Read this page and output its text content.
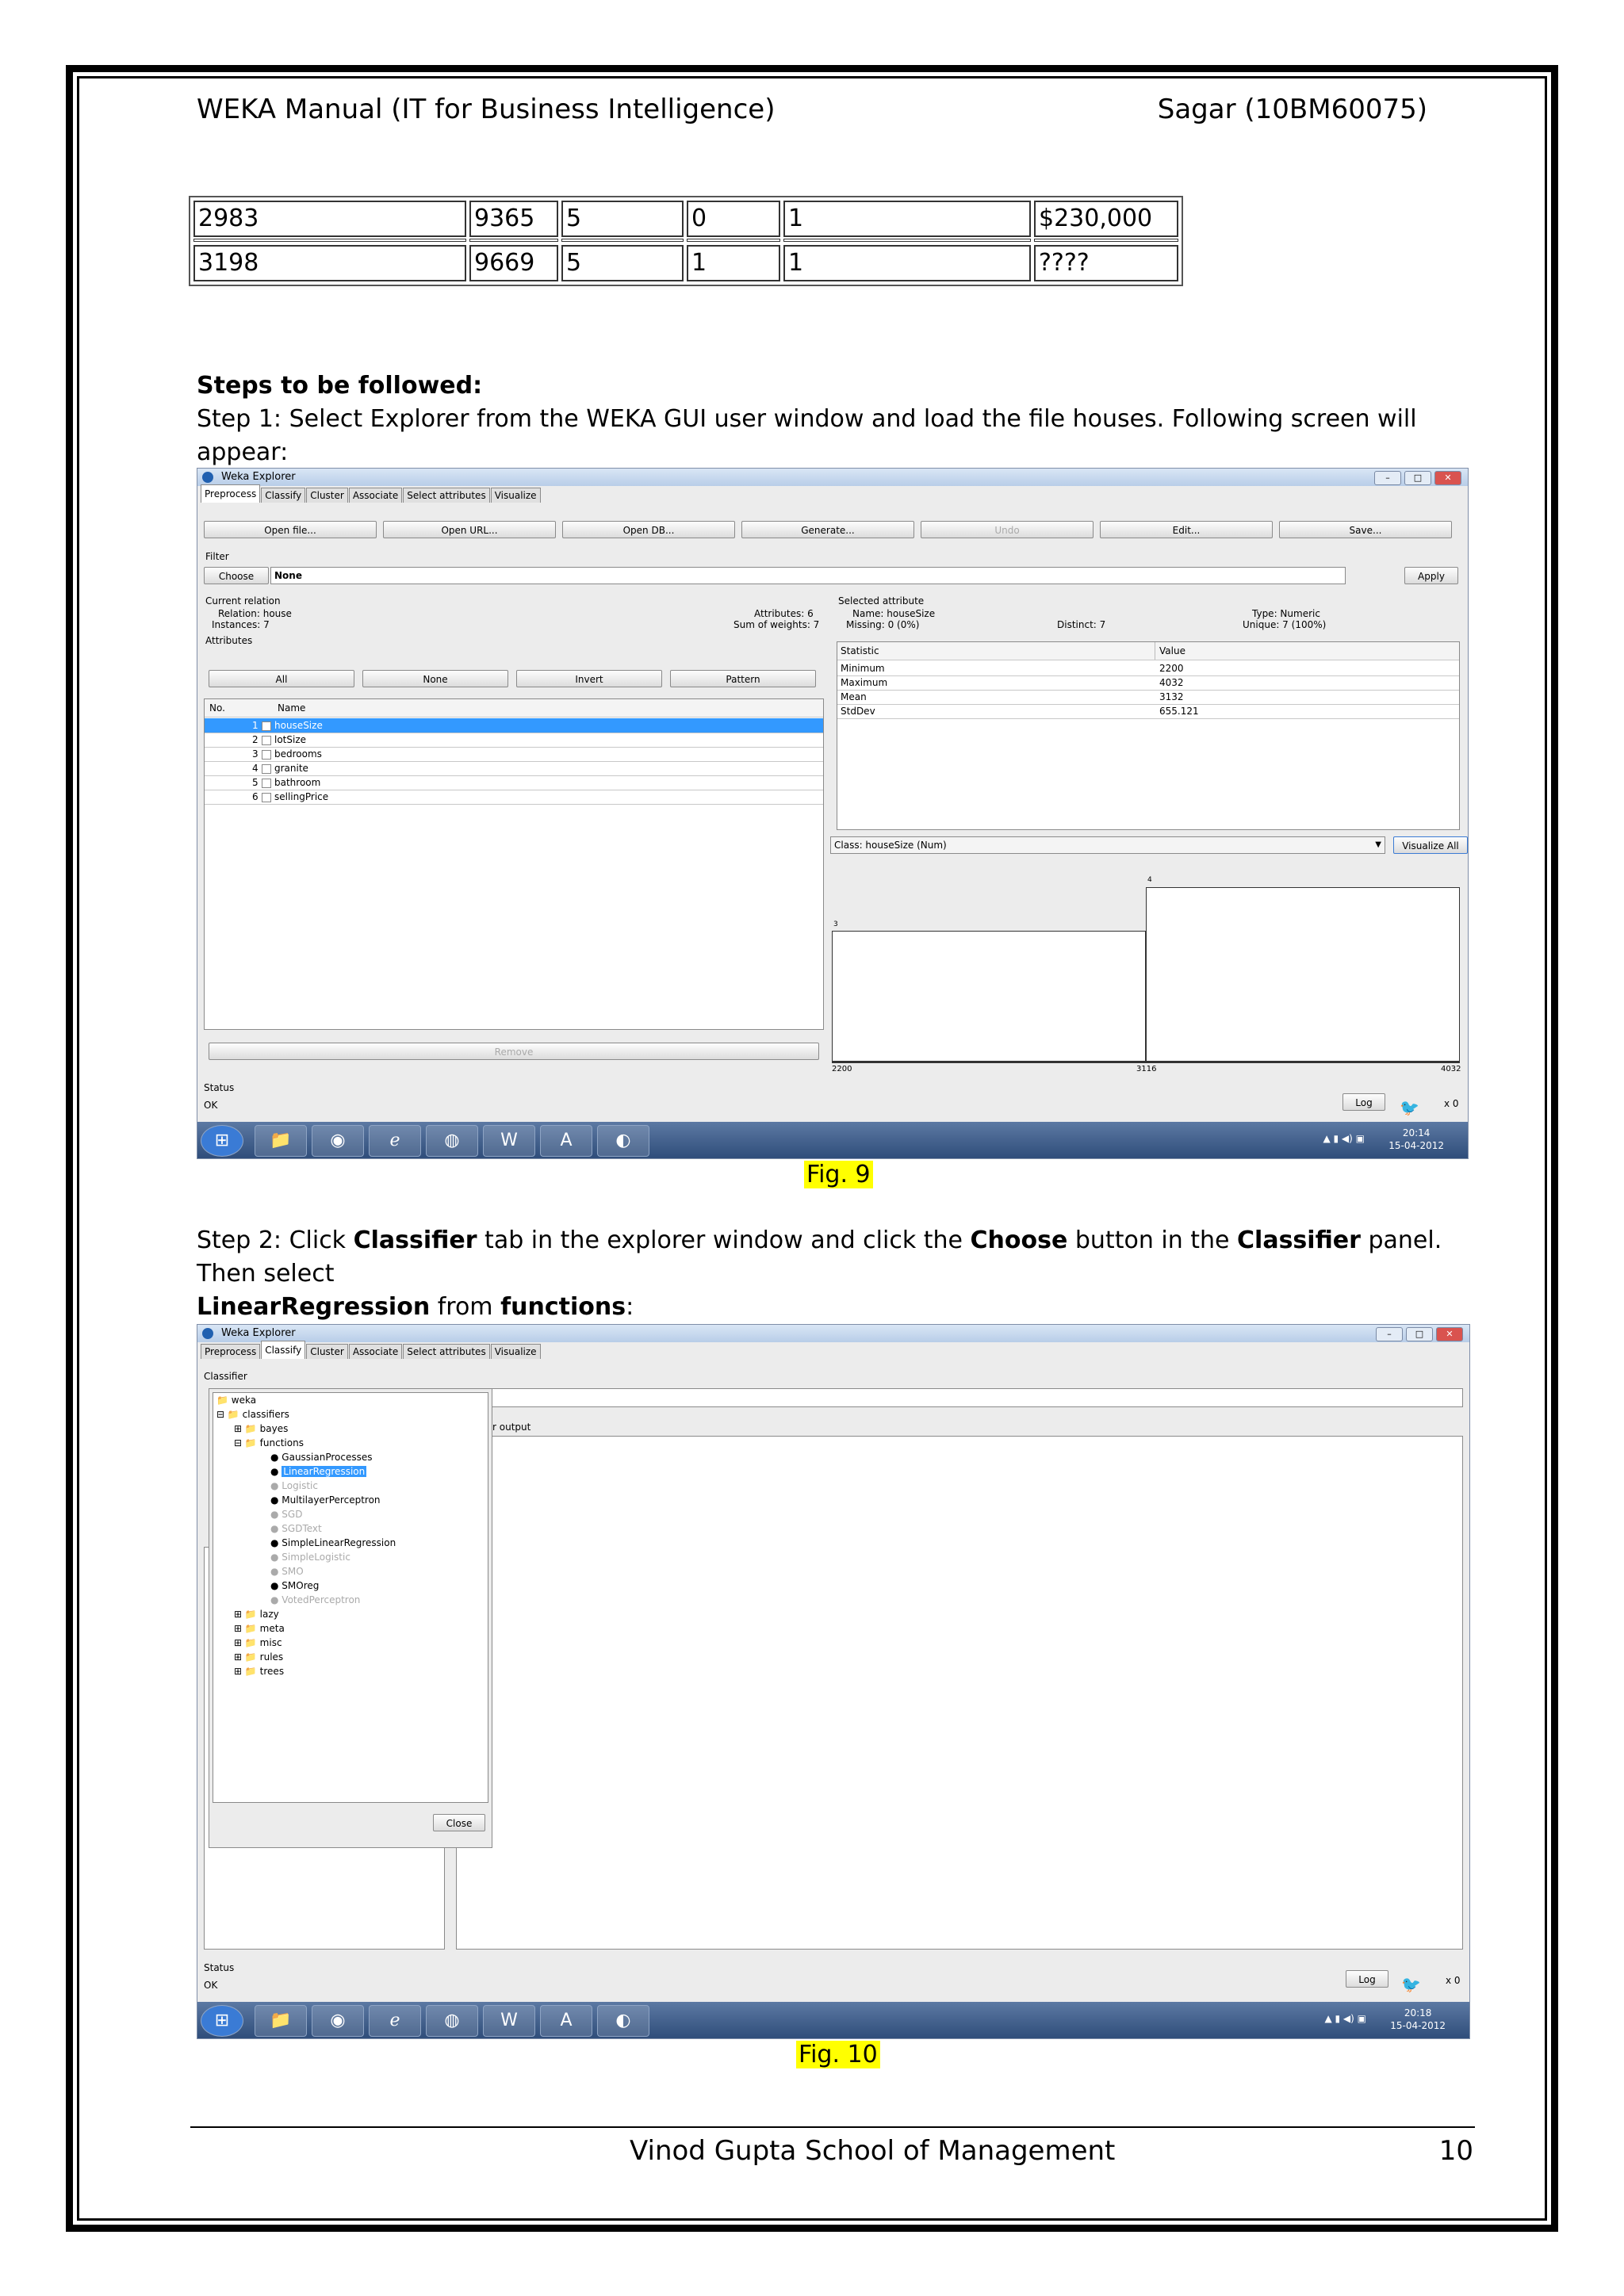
WEKA Manual (IT for Business Intelligence)	Sagar (10BM60075)
2983	9365	5	0	1	$230,000
3198	9669	5	1	1	????
Steps to be followed:
Step 1: Select Explorer from the WEKA GUI user window and load the file houses. Following screen will appear:
Weka Explorer	–	□	✕
Preprocess Classify Cluster Associate Select attributes Visualize
Open file...	Open URL...	Open DB...	Generate...	Undo	Edit...	Save...
Filter
Choose	None	Apply
Current relation
Relation: house
Instances: 7
Attributes: 6
Sum of weights: 7
Attributes
All	None	Invert	Pattern
No.	Name
1 houseSize
2 lotSize
3 bedrooms
4 granite
5 bathroom
6 sellingPrice
Remove
Selected attribute
Name: houseSize
Missing: 0 (0%)	Distinct: 7
Type: Numeric
Unique: 7 (100%)
Statistic	Value
Minimum	2200
Maximum	4032
Mean	3132
StdDev	655.121
Class: houseSize (Num)	▼	Visualize All
3
4
2200	3116	4032
Status
OK	Log	🐦	x 0
⊞	📁	◉	ℯ	◍	W	A	◐	▲ ▮ ◀) ▣	20:14
15-04-2012
Fig. 9
Step 2: Click Classifier tab in the explorer window and click the Choose button in the Classifier panel. Then select
LinearRegression from functions:
Weka Explorer	–	□	✕
Preprocess Classify Cluster Associate Select attributes Visualize
Classifier
r output
📁 weka
⊟ 📁 classifiers
⊞ 📁 bayes
⊟ 📁 functions
● GaussianProcesses
● LinearRegression
● Logistic
● MultilayerPerceptron
● SGD
● SGDText
● SimpleLinearRegression
● SimpleLogistic
● SMO
● SMOreg
● VotedPerceptron
⊞ 📁 lazy
⊞ 📁 meta
⊞ 📁 misc
⊞ 📁 rules
⊞ 📁 trees
Close
Status
OK	Log	🐦	x 0
⊞	📁	◉	ℯ	◍	W	A	◐	▲ ▮ ◀) ▣	20:18
15-04-2012
Fig. 10
Vinod Gupta School of Management	10
